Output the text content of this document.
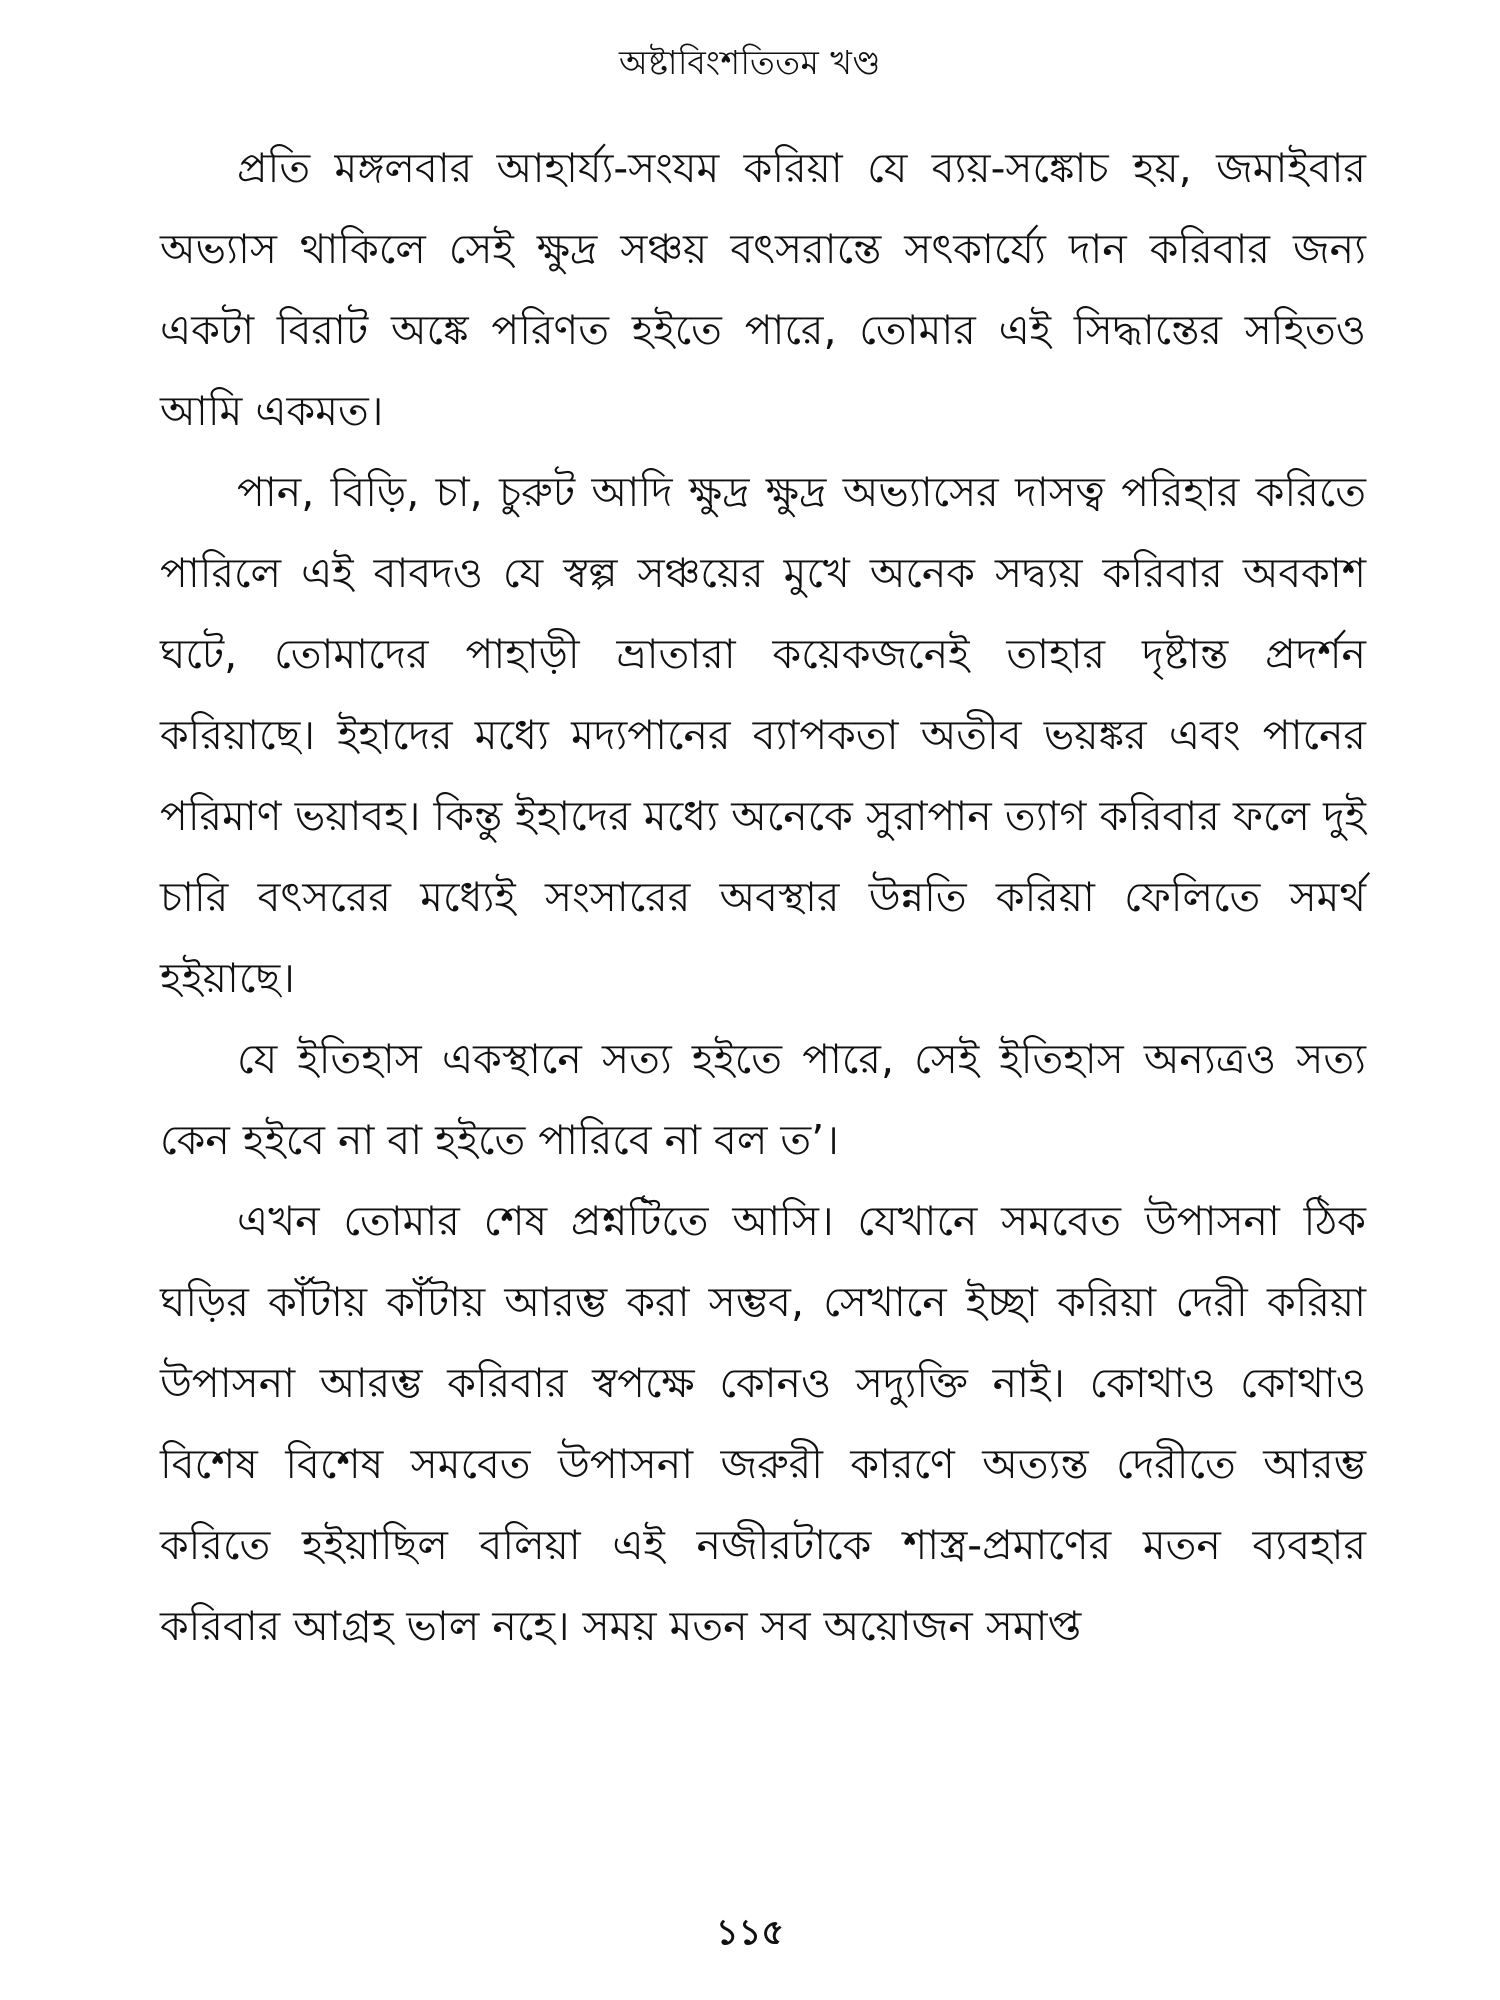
অষ্টাবিংশতিতম খণ্ড

প্রতি মঙ্গলবার আহার্য্য-সংযম করিয়া যে ব্যয়-সঙ্কোচ হয়, জমাইবার অভ্যাস থাকিলে সেই ক্ষুদ্র সঞ্চয় বৎসরান্তে সৎকার্য্যে দান করিবার জন্য একটা বিরাট অঙ্কে পরিণত হইতে পারে, তোমার এই সিদ্ধান্তের সহিতও আমি একমত।

পান, বিড়ি, চা, চুরুট আদি ক্ষুদ্র ক্ষুদ্র অভ্যাসের দাসত্ব পরিহার করিতে পারিলে এই বাবদও যে স্বল্প সঞ্চয়ের মুখে অনেক সদ্ব্যয় করিবার অবকাশ ঘটে, তোমাদের পাহাড়ী ভ্রাতারা কয়েকজনেই তাহার দৃষ্টান্ত প্রদর্শন করিয়াছে। ইহাদের মধ্যে মদ্যপানের ব্যাপকতা অতীব ভয়ঙ্কর এবং পানের পরিমাণ ভয়াবহ। কিন্তু ইহাদের মধ্যে অনেকে সুরাপান ত্যাগ করিবার ফলে দুই চারি বৎসরের মধ্যেই সংসারের অবস্থার উন্নতি করিয়া ফেলিতে সমর্থ হইয়াছে।

যে ইতিহাস একস্থানে সত্য হইতে পারে, সেই ইতিহাস অন্যত্রও সত্য কেন হইবে না বা হইতে পারিবে না বল ত’।

এখন তোমার শেষ প্রশ্নটিতে আসি। যেখানে সমবেত উপাসনা ঠিক ঘড়ির কাঁটায় কাঁটায় আরম্ভ করা সম্ভব, সেখানে ইচ্ছা করিয়া দেরী করিয়া উপাসনা আরম্ভ করিবার স্বপক্ষে কোনও সদ্যুক্তি নাই। কোথাও কোথাও বিশেষ বিশেষ সমবেত উপাসনা জরুরী কারণে অত্যন্ত দেরীতে আরম্ভ করিতে হইয়াছিল বলিয়া এই নজীরটাকে শাস্ত্র-প্রমাণের মতন ব্যবহার করিবার আগ্রহ ভাল নহে। সময় মতন সব অয়োজন সমাপ্ত

১১৫
